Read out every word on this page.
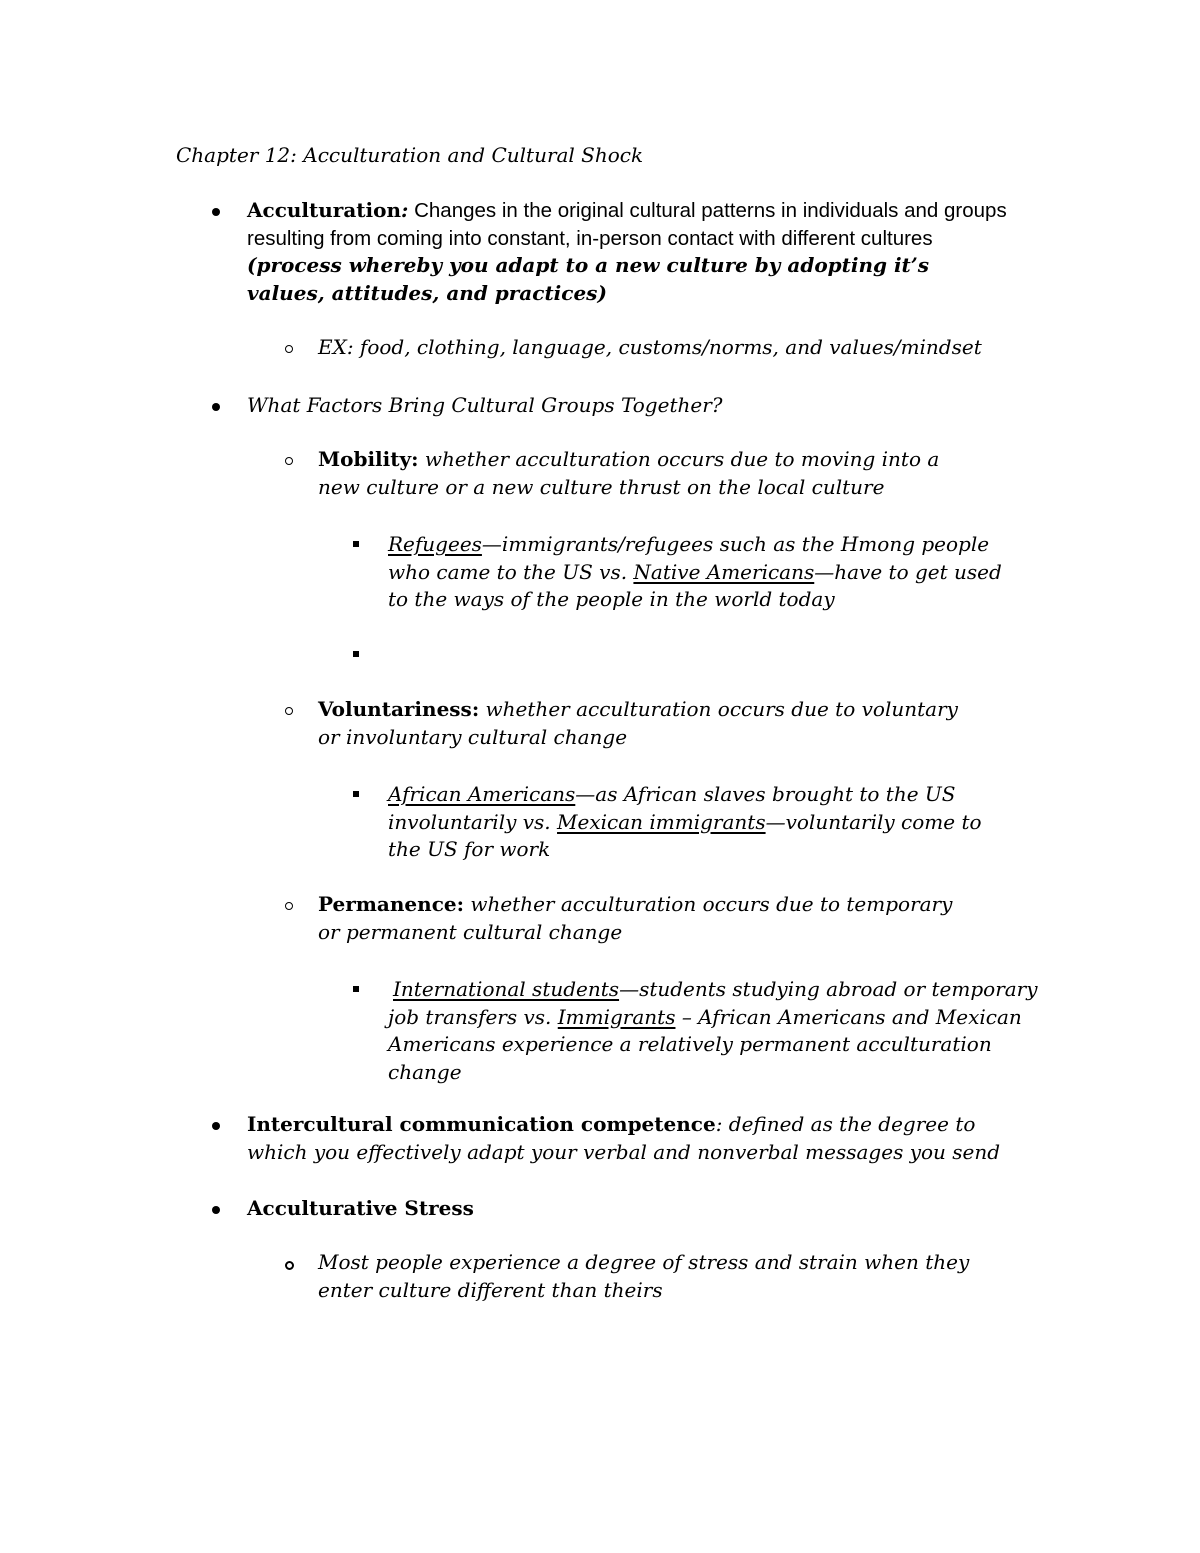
Chapter 12: Acculturation and Cultural Shock
Acculturation: Changes in the original cultural patterns in individuals and groups resulting from coming into constant, in-person contact with different cultures (process whereby you adapt to a new culture by adopting it’s values, attitudes, and practices)
EX: food, clothing, language, customs/norms, and values/mindset
What Factors Bring Cultural Groups Together?
Mobility: whether acculturation occurs due to moving into a new culture or a new culture thrust on the local culture
Refugees—immigrants/refugees such as the Hmong people who came to the US vs. Native Americans—have to get used to the ways of the people in the world today
Voluntariness: whether acculturation occurs due to voluntary or involuntary cultural change
African Americans—as African slaves brought to the US involuntarily vs. Mexican immigrants—voluntarily come to the US for work
Permanence: whether acculturation occurs due to temporary or permanent cultural change
International students—students studying abroad or temporary job transfers vs. Immigrants – African Americans and Mexican Americans experience a relatively permanent acculturation change
Intercultural communication competence: defined as the degree to which you effectively adapt your verbal and nonverbal messages you send
Acculturative Stress
Most people experience a degree of stress and strain when they enter culture different than theirs
